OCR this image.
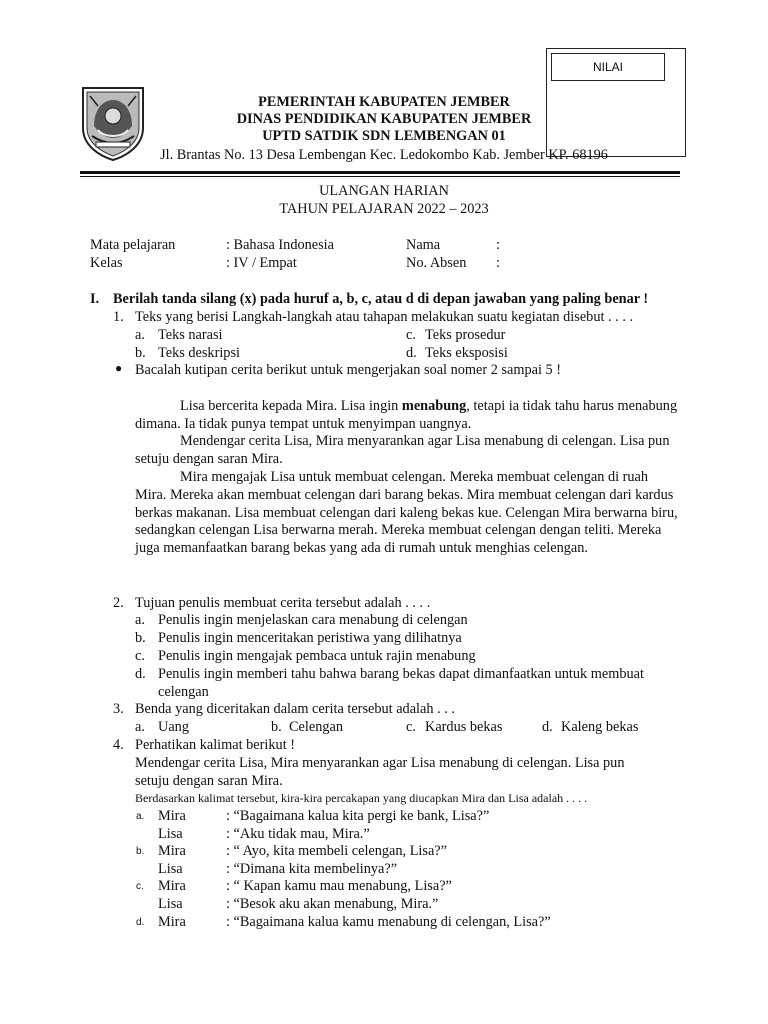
NILAI
PEMERINTAH KABUPATEN JEMBER
DINAS PENDIDIKAN KABUPATEN JEMBER
UPTD SATDIK SDN LEMBENGAN 01
Jl. Brantas No. 13 Desa Lembengan Kec. Ledokombo Kab. Jember KP. 68196
ULANGAN HARIAN
TAHUN PELAJARAN 2022 – 2023
Mata pelajaran	: Bahasa Indonesia	Nama	:
Kelas	: IV / Empat	No. Absen :
I. Berilah tanda silang (x) pada huruf a, b, c, atau d di depan jawaban yang paling benar !
1. Teks yang berisi Langkah-langkah atau tahapan melakukan suatu kegiatan disebut . . . .
a. Teks narasi	c. Teks prosedur
b. Teks deskripsi	d. Teks eksposisi
● Bacalah kutipan cerita berikut untuk mengerjakan soal nomer 2 sampai 5 !
Lisa bercerita kepada Mira. Lisa ingin menabung, tetapi ia tidak tahu harus menabung dimana. Ia tidak punya tempat untuk menyimpan uangnya.
Mendengar cerita Lisa, Mira menyarankan agar Lisa menabung di celengan. Lisa pun setuju dengan saran Mira.
Mira mengajak Lisa untuk membuat celengan. Mereka membuat celengan di ruah Mira. Mereka akan membuat celengan dari barang bekas. Mira membuat celengan dari kardus berkas makanan. Lisa membuat celengan dari kaleng bekas kue. Celengan Mira berwarna biru, sedangkan celengan Lisa berwarna merah. Mereka membuat celengan dengan teliti. Mereka juga memanfaatkan barang bekas yang ada di rumah untuk menghias celengan.
2. Tujuan penulis membuat cerita tersebut adalah . . . .
a. Penulis ingin menjelaskan cara menabung di celengan
b. Penulis ingin menceritakan peristiwa yang dilihatnya
c. Penulis ingin mengajak pembaca untuk rajin menabung
d. Penulis ingin memberi tahu bahwa barang bekas dapat dimanfaatkan untuk membuat
celengan
3. Benda yang diceritakan dalam cerita tersebut adalah . . .
a. Uang	b. Celengan	c. Kardus bekas	d. Kaleng bekas
4. Perhatikan kalimat berikut !
Mendengar cerita Lisa, Mira menyarankan agar Lisa menabung di celengan. Lisa pun
setuju dengan saran Mira.
Berdasarkan kalimat tersebut, kira-kira percakapan yang diucapkan Mira dan Lisa adalah . . . .
a. Mira	: “Bagaimana kalua kita pergi ke bank, Lisa?”
Lisa	: “Aku tidak mau, Mira.”
b. Mira	: “ Ayo, kita membeli celengan, Lisa?”
Lisa	: “Dimana kita membelinya?”
c. Mira	: “ Kapan kamu mau menabung, Lisa?”
Lisa	: “Besok aku akan menabung, Mira.”
d. Mira	: “Bagaimana kalua kamu menabung di celengan, Lisa?”
